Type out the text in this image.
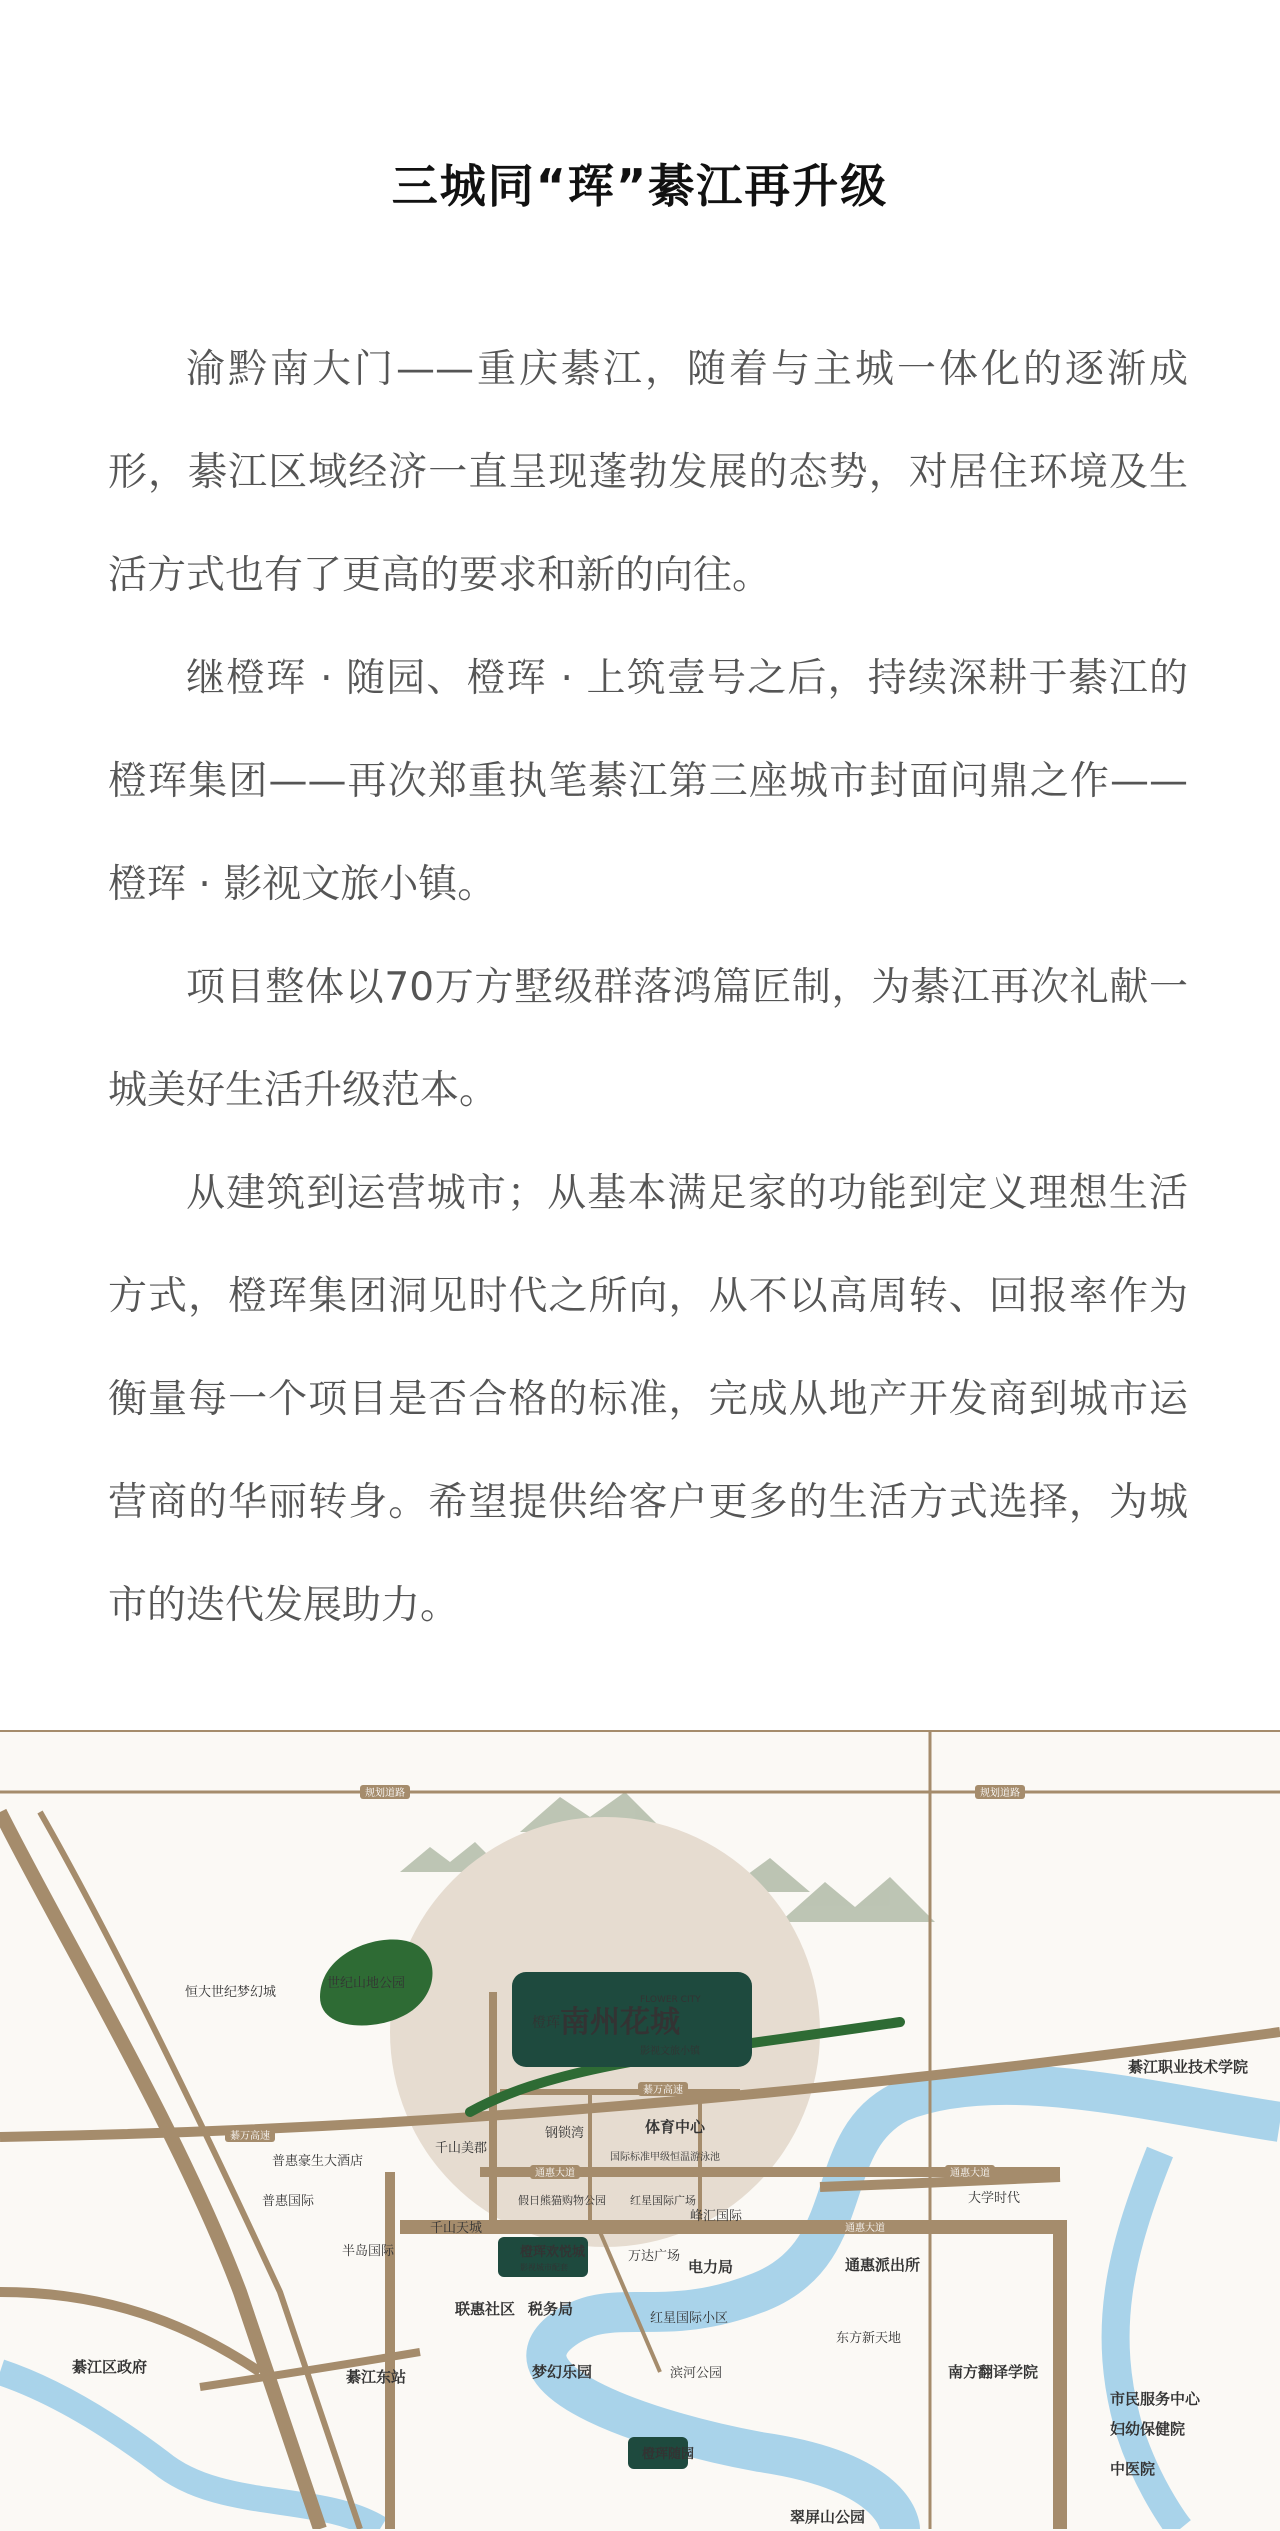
三城同“珲”綦江再升级

渝黔南大门——重庆綦江，随着与主城一体化的逐渐成形，綦江区域经济一直呈现蓬勃发展的态势，对居住环境及生活方式也有了更高的要求和新的向往。

继橙珲 · 随园、橙珲 · 上筑壹号之后，持续深耕于綦江的橙珲集团——再次郑重执笔綦江第三座城市封面问鼎之作——橙珲 · 影视文旅小镇。

项目整体以70万方墅级群落鸿篇匠制，为綦江再次礼献一城美好生活升级范本。

从建筑到运营城市；从基本满足家的功能到定义理想生活方式，橙珲集团洞见时代之所向，从不以高周转、回报率作为衡量每一个项目是否合格的标准，完成从地产开发商到城市运营商的华丽转身。希望提供给客户更多的生活方式选择，为城市的迭代发展助力。

世纪山地公园
橙珲 南州花城
FLOWER CITY
影视文旅小镇
规划道路	规划道路
綦万高速
綦万高速
通惠大道	通惠大道
通惠大道
恒大世纪梦幻城
钢锁湾	体育中心
国际标准甲级恒温游泳池
千山美郡
普惠豪生大酒店
普惠国际	假日熊猫购物公园 红星国际广场
峰汇国际
千山天城
半岛国际	橙珲欢悦城
影视城市配套
万达广场
电力局
联惠社区 税务局
红星国际小区
东方新天地
通惠派出所
大学时代
綦江区政府
綦江东站	梦幻乐园	滨河公园
橙珲随园
南方翻译学院
綦江职业技术学院
市民服务中心
妇幼保健院
中医院
翠屏山公园
